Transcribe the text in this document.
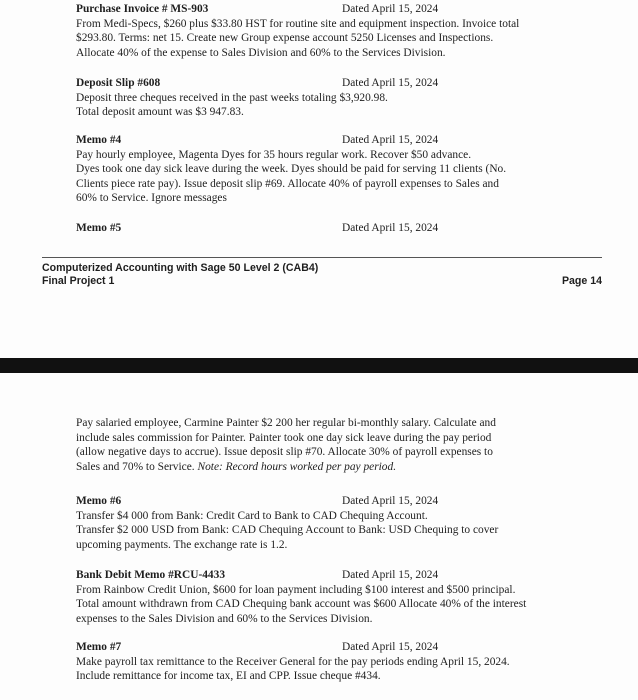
Purchase Invoice # MS-903	Dated April 15, 2024
From Medi-Specs, $260 plus $33.80 HST for routine site and equipment inspection. Invoice total
$293.80. Terms: net 15. Create new Group expense account 5250 Licenses and Inspections.
Allocate 40% of the expense to Sales Division and 60% to the Services Division.
Deposit Slip #608	Dated April 15, 2024
Deposit three cheques received in the past weeks totaling $3,920.98.
Total deposit amount was $3 947.83.
Memo #4	Dated April 15, 2024
Pay hourly employee, Magenta Dyes for 35 hours regular work. Recover $50 advance.
Dyes took one day sick leave during the week. Dyes should be paid for serving 11 clients (No.
Clients piece rate pay). Issue deposit slip #69. Allocate 40% of payroll expenses to Sales and
60% to Service. Ignore messages
Memo #5	Dated April 15, 2024
Computerized Accounting with Sage 50 Level 2 (CAB4)
Final Project 1	Page 14
Pay salaried employee, Carmine Painter $2 200 her regular bi-monthly salary. Calculate and
include sales commission for Painter. Painter took one day sick leave during the pay period
(allow negative days to accrue). Issue deposit slip #70. Allocate 30% of payroll expenses to
Sales and 70% to Service. Note: Record hours worked per pay period.
Memo #6	Dated April 15, 2024
Transfer $4 000 from Bank: Credit Card to Bank to CAD Chequing Account.
Transfer $2 000 USD from Bank: CAD Chequing Account to Bank: USD Chequing to cover
upcoming payments. The exchange rate is 1.2.
Bank Debit Memo #RCU-4433	Dated April 15, 2024
From Rainbow Credit Union, $600 for loan payment including $100 interest and $500 principal.
Total amount withdrawn from CAD Chequing bank account was $600 Allocate 40% of the interest
expenses to the Sales Division and 60% to the Services Division.
Memo #7	Dated April 15, 2024
Make payroll tax remittance to the Receiver General for the pay periods ending April 15, 2024.
Include remittance for income tax, EI and CPP. Issue cheque #434.
